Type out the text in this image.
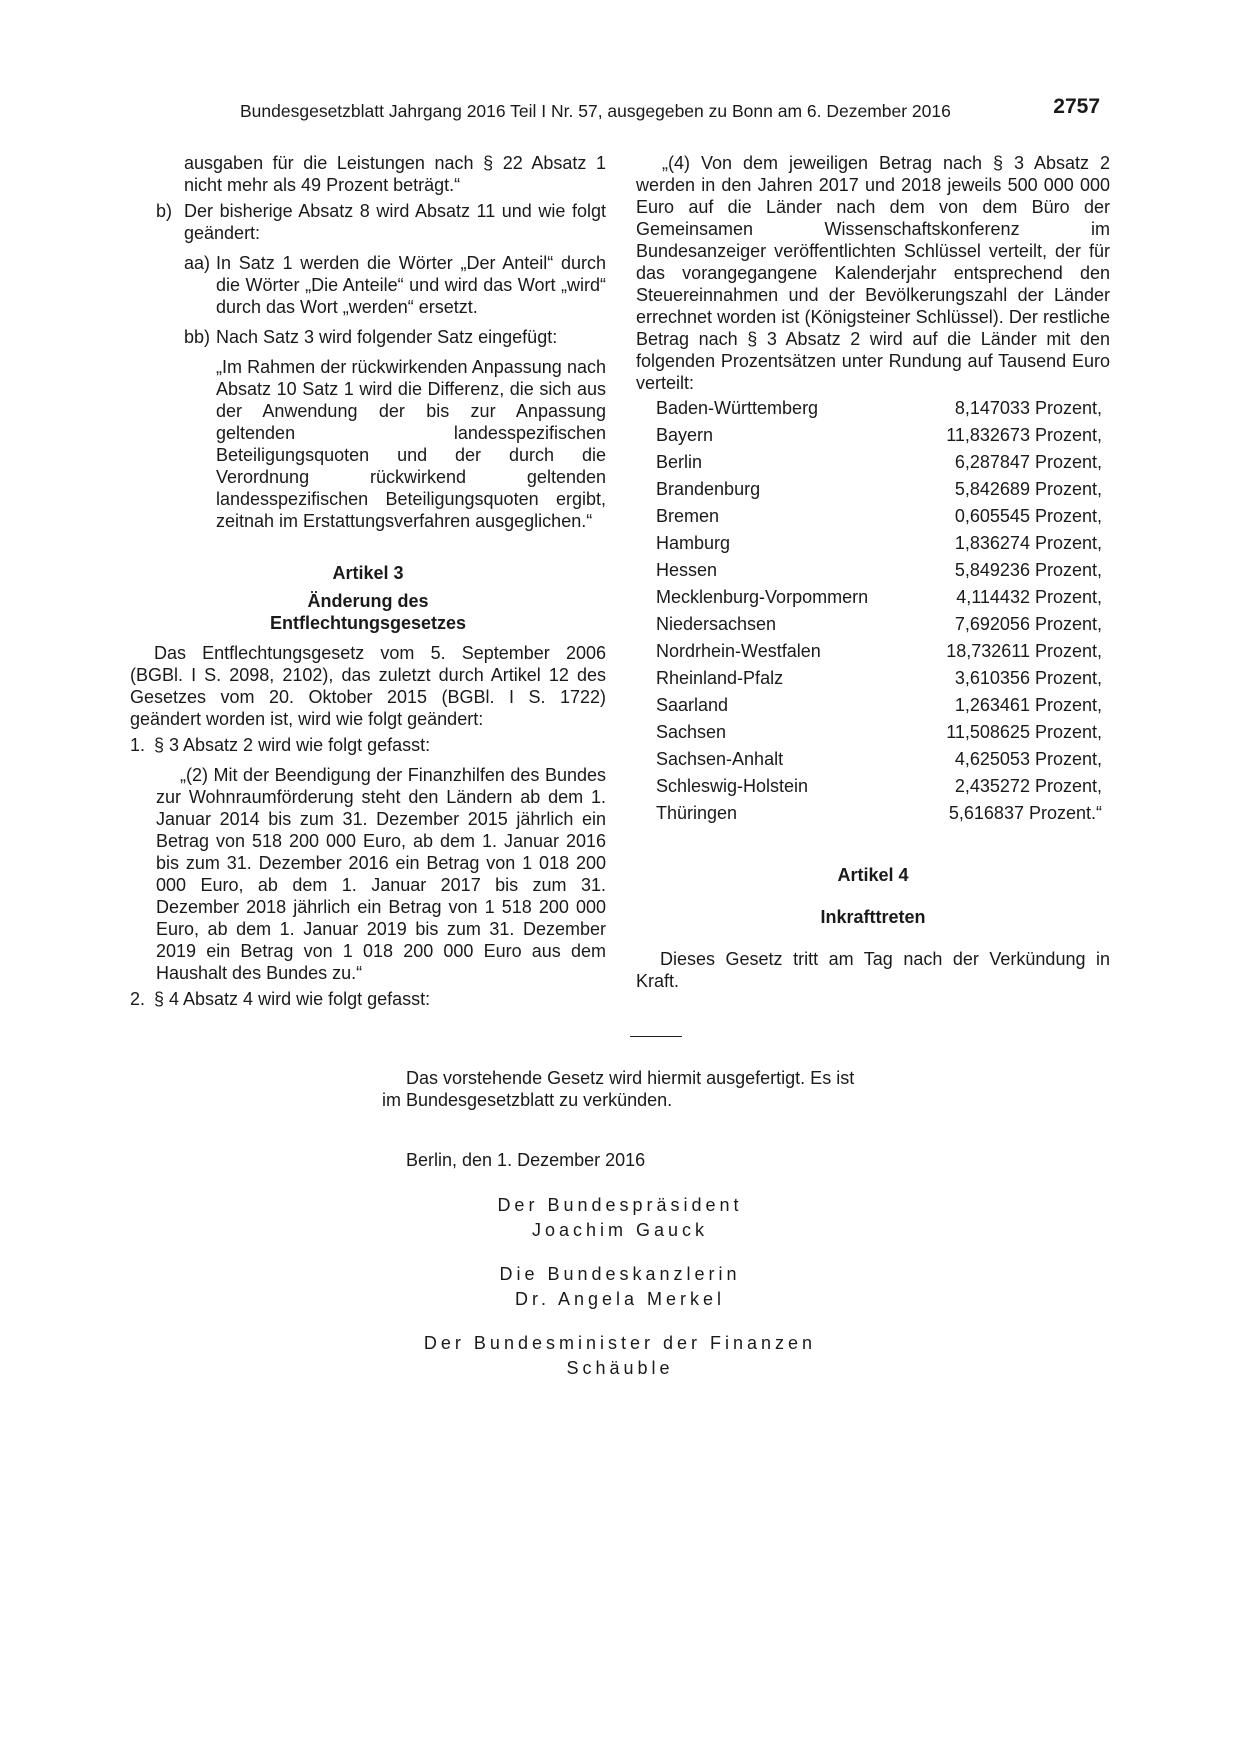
Bundesgesetzblatt Jahrgang 2016 Teil I Nr. 57, ausgegeben zu Bonn am 6. Dezember 2016	2757

ausgaben für die Leistungen nach § 22 Absatz 1 nicht mehr als 49 Prozent beträgt.“

b) Der bisherige Absatz 8 wird Absatz 11 und wie folgt geändert:
aa) In Satz 1 werden die Wörter „Der Anteil“ durch die Wörter „Die Anteile“ und wird das Wort „wird“ durch das Wort „werden“ ersetzt.
bb) Nach Satz 3 wird folgender Satz eingefügt:

„Im Rahmen der rückwirkenden Anpassung nach Absatz 10 Satz 1 wird die Differenz, die sich aus der Anwendung der bis zur Anpassung geltenden landesspezifischen Beteiligungsquoten und der durch die Verordnung rückwirkend geltenden landesspezifischen Beteiligungsquoten ergibt, zeitnah im Erstattungsverfahren ausgeglichen.“

Artikel 3
Änderung des
Entflechtungsgesetzes

Das Entflechtungsgesetz vom 5. September 2006 (BGBl. I S. 2098, 2102), das zuletzt durch Artikel 12 des Gesetzes vom 20. Oktober 2015 (BGBl. I S. 1722) geändert worden ist, wird wie folgt geändert:

1. § 3 Absatz 2 wird wie folgt gefasst:

„(2) Mit der Beendigung der Finanzhilfen des Bundes zur Wohnraumförderung steht den Ländern ab dem 1. Januar 2014 bis zum 31. Dezember 2015 jährlich ein Betrag von 518 200 000 Euro, ab dem 1. Januar 2016 bis zum 31. Dezember 2016 ein Betrag von 1 018 200 000 Euro, ab dem 1. Januar 2017 bis zum 31. Dezember 2018 jährlich ein Betrag von 1 518 200 000 Euro, ab dem 1. Januar 2019 bis zum 31. Dezember 2019 ein Betrag von 1 018 200 000 Euro aus dem Haushalt des Bundes zu.“

2. § 4 Absatz 4 wird wie folgt gefasst:

„(4) Von dem jeweiligen Betrag nach § 3 Absatz 2 werden in den Jahren 2017 und 2018 jeweils 500 000 000 Euro auf die Länder nach dem von dem Büro der Gemeinsamen Wissenschaftskonferenz im Bundesanzeiger veröffentlichten Schlüssel verteilt, der für das vorangegangene Kalenderjahr entsprechend den Steuereinnahmen und der Bevölkerungszahl der Länder errechnet worden ist (Königsteiner Schlüssel). Der restliche Betrag nach § 3 Absatz 2 wird auf die Länder mit den folgenden Prozentsätzen unter Rundung auf Tausend Euro verteilt:

Baden-Württemberg	8,147033 Prozent,
Bayern	11,832673 Prozent,
Berlin	6,287847 Prozent,
Brandenburg	5,842689 Prozent,
Bremen	0,605545 Prozent,
Hamburg	1,836274 Prozent,
Hessen	5,849236 Prozent,
Mecklenburg-Vorpommern	4,114432 Prozent,
Niedersachsen	7,692056 Prozent,
Nordrhein-Westfalen	18,732611 Prozent,
Rheinland-Pfalz	3,610356 Prozent,
Saarland	1,263461 Prozent,
Sachsen	11,508625 Prozent,
Sachsen-Anhalt	4,625053 Prozent,
Schleswig-Holstein	2,435272 Prozent,
Thüringen	5,616837 Prozent.“
Artikel 4
Inkrafttreten

Dieses Gesetz tritt am Tag nach der Verkündung in Kraft.

Das vorstehende Gesetz wird hiermit ausgefertigt. Es ist im Bundesgesetzblatt zu verkünden.

Berlin, den 1. Dezember 2016

Der Bundespräsident
Joachim Gauck
Die Bundeskanzlerin
Dr. Angela Merkel
Der Bundesminister der Finanzen
Schäuble
